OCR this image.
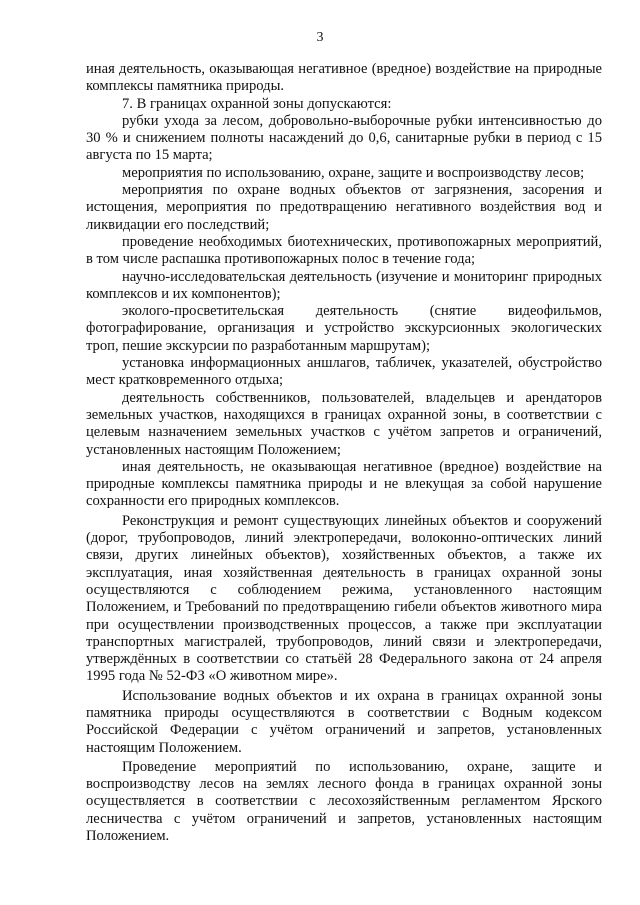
3

иная деятельность, оказывающая негативное (вредное) воздействие на природные комплексы памятника природы.

7. В границах охранной зоны допускаются:

рубки ухода за лесом, добровольно-выборочные рубки интенсивностью до 30 % и снижением полноты насаждений до 0,6, санитарные рубки в период с 15 августа по 15 марта;

мероприятия по использованию, охране, защите и воспроизводству лесов;

мероприятия по охране водных объектов от загрязнения, засорения и истощения, мероприятия по предотвращению негативного воздействия вод и ликвидации его последствий;

проведение необходимых биотехнических, противопожарных мероприятий, в том числе распашка противопожарных полос в течение года;

научно-исследовательская деятельность (изучение и мониторинг природных комплексов и их компонентов);

эколого-просветительская деятельность (снятие видеофильмов, фотографирование, организация и устройство экскурсионных экологических троп, пешие экскурсии по разработанным маршрутам);

установка информационных аншлагов, табличек, указателей, обустройство мест кратковременного отдыха;

деятельность собственников, пользователей, владельцев и арендаторов земельных участков, находящихся в границах охранной зоны, в соответствии с целевым назначением земельных участков с учётом запретов и ограничений, установленных настоящим Положением;

иная деятельность, не оказывающая негативное (вредное) воздействие на природные комплексы памятника природы и не влекущая за собой нарушение сохранности его природных комплексов.

Реконструкция и ремонт существующих линейных объектов и сооружений (дорог, трубопроводов, линий электропередачи, волоконно-оптических линий связи, других линейных объектов), хозяйственных объектов, а также их эксплуатация, иная хозяйственная деятельность в границах охранной зоны осуществляются с соблюдением режима, установленного настоящим Положением, и Требований по предотвращению гибели объектов животного мира при осуществлении производственных процессов, а также при эксплуатации транспортных магистралей, трубопроводов, линий связи и электропередачи, утверждённых в соответствии со статьёй 28 Федерального закона от 24 апреля 1995 года № 52-ФЗ «О животном мире».

Использование водных объектов и их охрана в границах охранной зоны памятника природы осуществляются в соответствии с Водным кодексом Российской Федерации с учётом ограничений и запретов, установленных настоящим Положением.

Проведение мероприятий по использованию, охране, защите и воспроизводству лесов на землях лесного фонда в границах охранной зоны осуществляется в соответствии с лесохозяйственным регламентом Ярского лесничества с учётом ограничений и запретов, установленных настоящим Положением.
